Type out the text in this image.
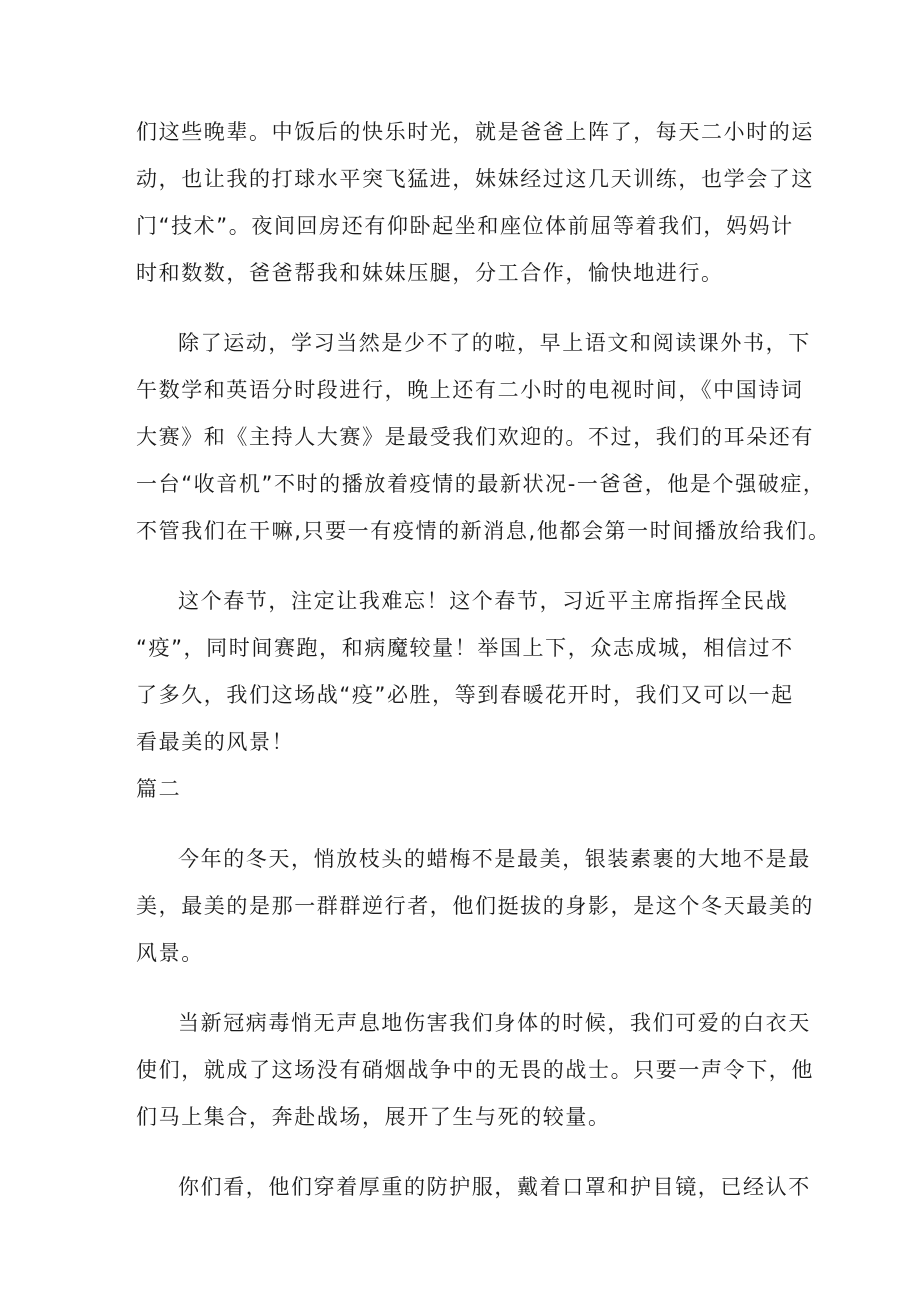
们这些晚辈。中饭后的快乐时光，就是爸爸上阵了，每天二小时的运

动，也让我的打球水平突飞猛进，妹妹经过这几天训练，也学会了这

门“技术”。夜间回房还有仰卧起坐和座位体前屈等着我们，妈妈计

时和数数，爸爸帮我和妹妹压腿，分工合作，愉快地进行。

除了运动，学习当然是少不了的啦，早上语文和阅读课外书，下

午数学和英语分时段进行，晚上还有二小时的电视时间，《中国诗词

大赛》和《主持人大赛》是最受我们欢迎的。不过，我们的耳朵还有

一台“收音机”不时的播放着疫情的最新状况-一爸爸，他是个强破症，

不管我们在干嘛,只要一有疫情的新消息,他都会第一时间播放给我们。

这个春节，注定让我难忘！这个春节，习近平主席指挥全民战

“疫”，同时间赛跑，和病魔较量！举国上下，众志成城，相信过不

了多久，我们这场战“疫”必胜，等到春暖花开时，我们又可以一起

看最美的风景！

篇二

今年的冬天，悄放枝头的蜡梅不是最美，银装素裹的大地不是最

美，最美的是那一群群逆行者，他们挺拔的身影，是这个冬天最美的

风景。

当新冠病毒悄无声息地伤害我们身体的时候，我们可爱的白衣天

使们，就成了这场没有硝烟战争中的无畏的战士。只要一声令下，他

们马上集合，奔赴战场，展开了生与死的较量。

你们看，他们穿着厚重的防护服，戴着口罩和护目镜，已经认不
